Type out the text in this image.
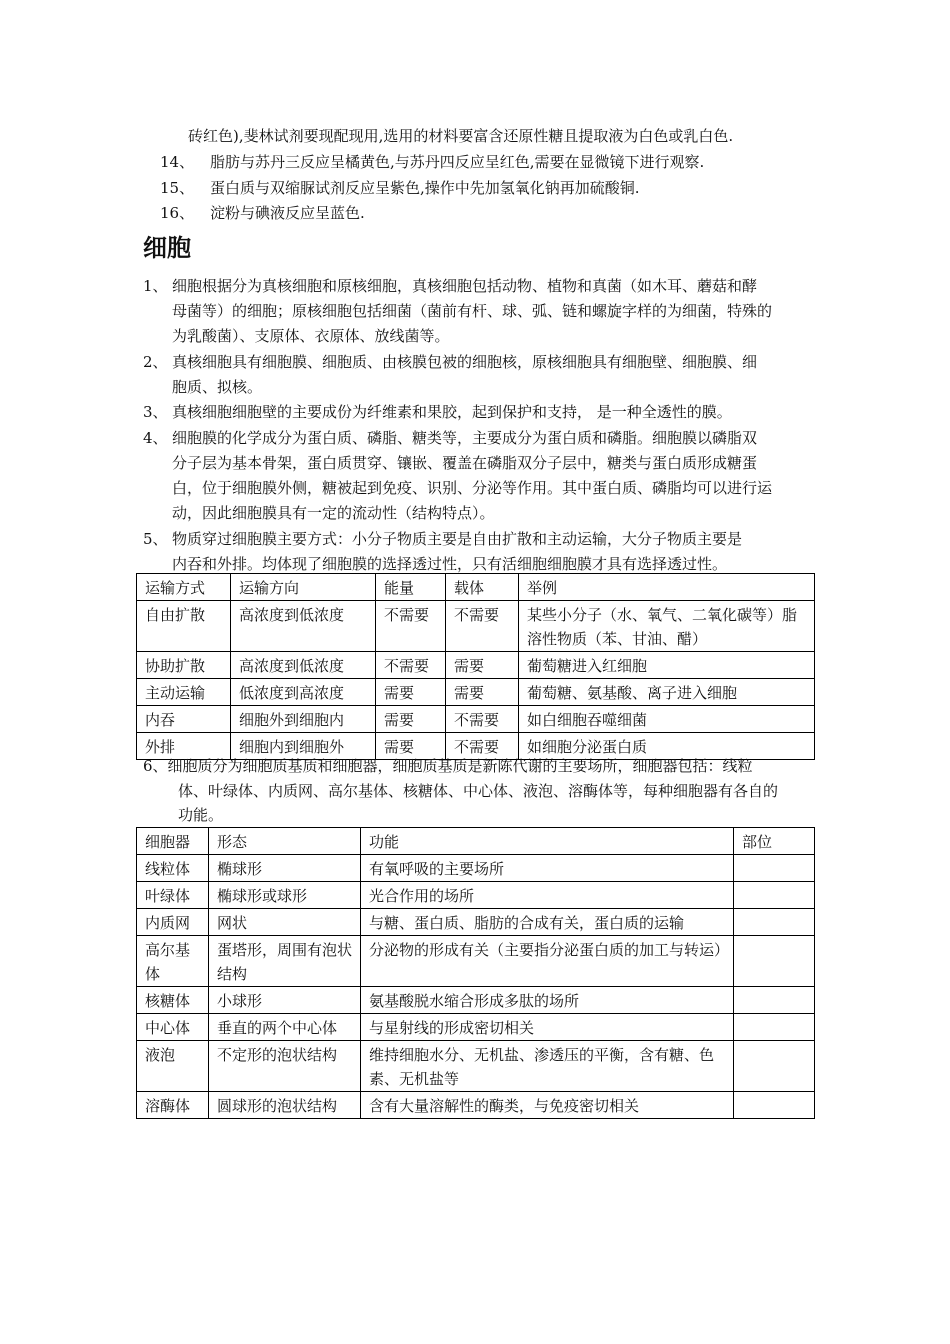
砖红色),斐林试剂要现配现用,选用的材料要富含还原性糖且提取液为白色或乳白色.
14、 脂肪与苏丹三反应呈橘黄色,与苏丹四反应呈红色,需要在显微镜下进行观察.
15、 蛋白质与双缩脲试剂反应呈紫色,操作中先加氢氧化钠再加硫酸铜.
16、 淀粉与碘液反应呈蓝色.
细胞
1、 细胞根据分为真核细胞和原核细胞，真核细胞包括动物、植物和真菌（如木耳、蘑菇和酵
母菌等）的细胞；原核细胞包括细菌（菌前有杆、球、弧、链和螺旋字样的为细菌，特殊的
为乳酸菌）、支原体、衣原体、放线菌等。
2、 真核细胞具有细胞膜、细胞质、由核膜包被的细胞核，原核细胞具有细胞壁、细胞膜、细
胞质、拟核。
3、 真核细胞细胞壁的主要成份为纤维素和果胶，起到保护和支持， 是一种全透性的膜。
4、 细胞膜的化学成分为蛋白质、磷脂、糖类等，主要成分为蛋白质和磷脂。细胞膜以磷脂双
分子层为基本骨架，蛋白质贯穿、镶嵌、覆盖在磷脂双分子层中，糖类与蛋白质形成糖蛋
白，位于细胞膜外侧，糖被起到免疫、识别、分泌等作用。其中蛋白质、磷脂均可以进行运
动，因此细胞膜具有一定的流动性（结构特点）。
5、 物质穿过细胞膜主要方式：小分子物质主要是自由扩散和主动运输，大分子物质主要是
内吞和外排。均体现了细胞膜的选择透过性，只有活细胞细胞膜才具有选择透过性。
运输方式	运输方向	能量	载体	举例
自由扩散	高浓度到低浓度	不需要	不需要	某些小分子（水、氧气、二氧化碳等）脂溶性物质（苯、甘油、醋）
协助扩散	高浓度到低浓度	不需要	需要	葡萄糖进入红细胞
主动运输	低浓度到高浓度	需要	需要	葡萄糖、氨基酸、离子进入细胞
内吞	细胞外到细胞内	需要	不需要	如白细胞吞噬细菌
外排	细胞内到细胞外	需要	不需要	如细胞分泌蛋白质
6、细胞质分为细胞质基质和细胞器，细胞质基质是新陈代谢的主要场所，细胞器包括：线粒
体、叶绿体、内质网、高尔基体、核糖体、中心体、液泡、溶酶体等，每种细胞器有各自的
功能。
细胞器	形态	功能	部位
线粒体	椭球形	有氧呼吸的主要场所	
叶绿体	椭球形或球形	光合作用的场所	
内质网	网状	与糖、蛋白质、脂肪的合成有关，蛋白质的运输	
高尔基体	蛋塔形，周围有泡状结构	分泌物的形成有关（主要指分泌蛋白质的加工与转运）	
核糖体	小球形	氨基酸脱水缩合形成多肽的场所	
中心体	垂直的两个中心体	与星射线的形成密切相关	
液泡	不定形的泡状结构	维持细胞水分、无机盐、渗透压的平衡，含有糖、色素、无机盐等	
溶酶体	圆球形的泡状结构	含有大量溶解性的酶类，与免疫密切相关	
